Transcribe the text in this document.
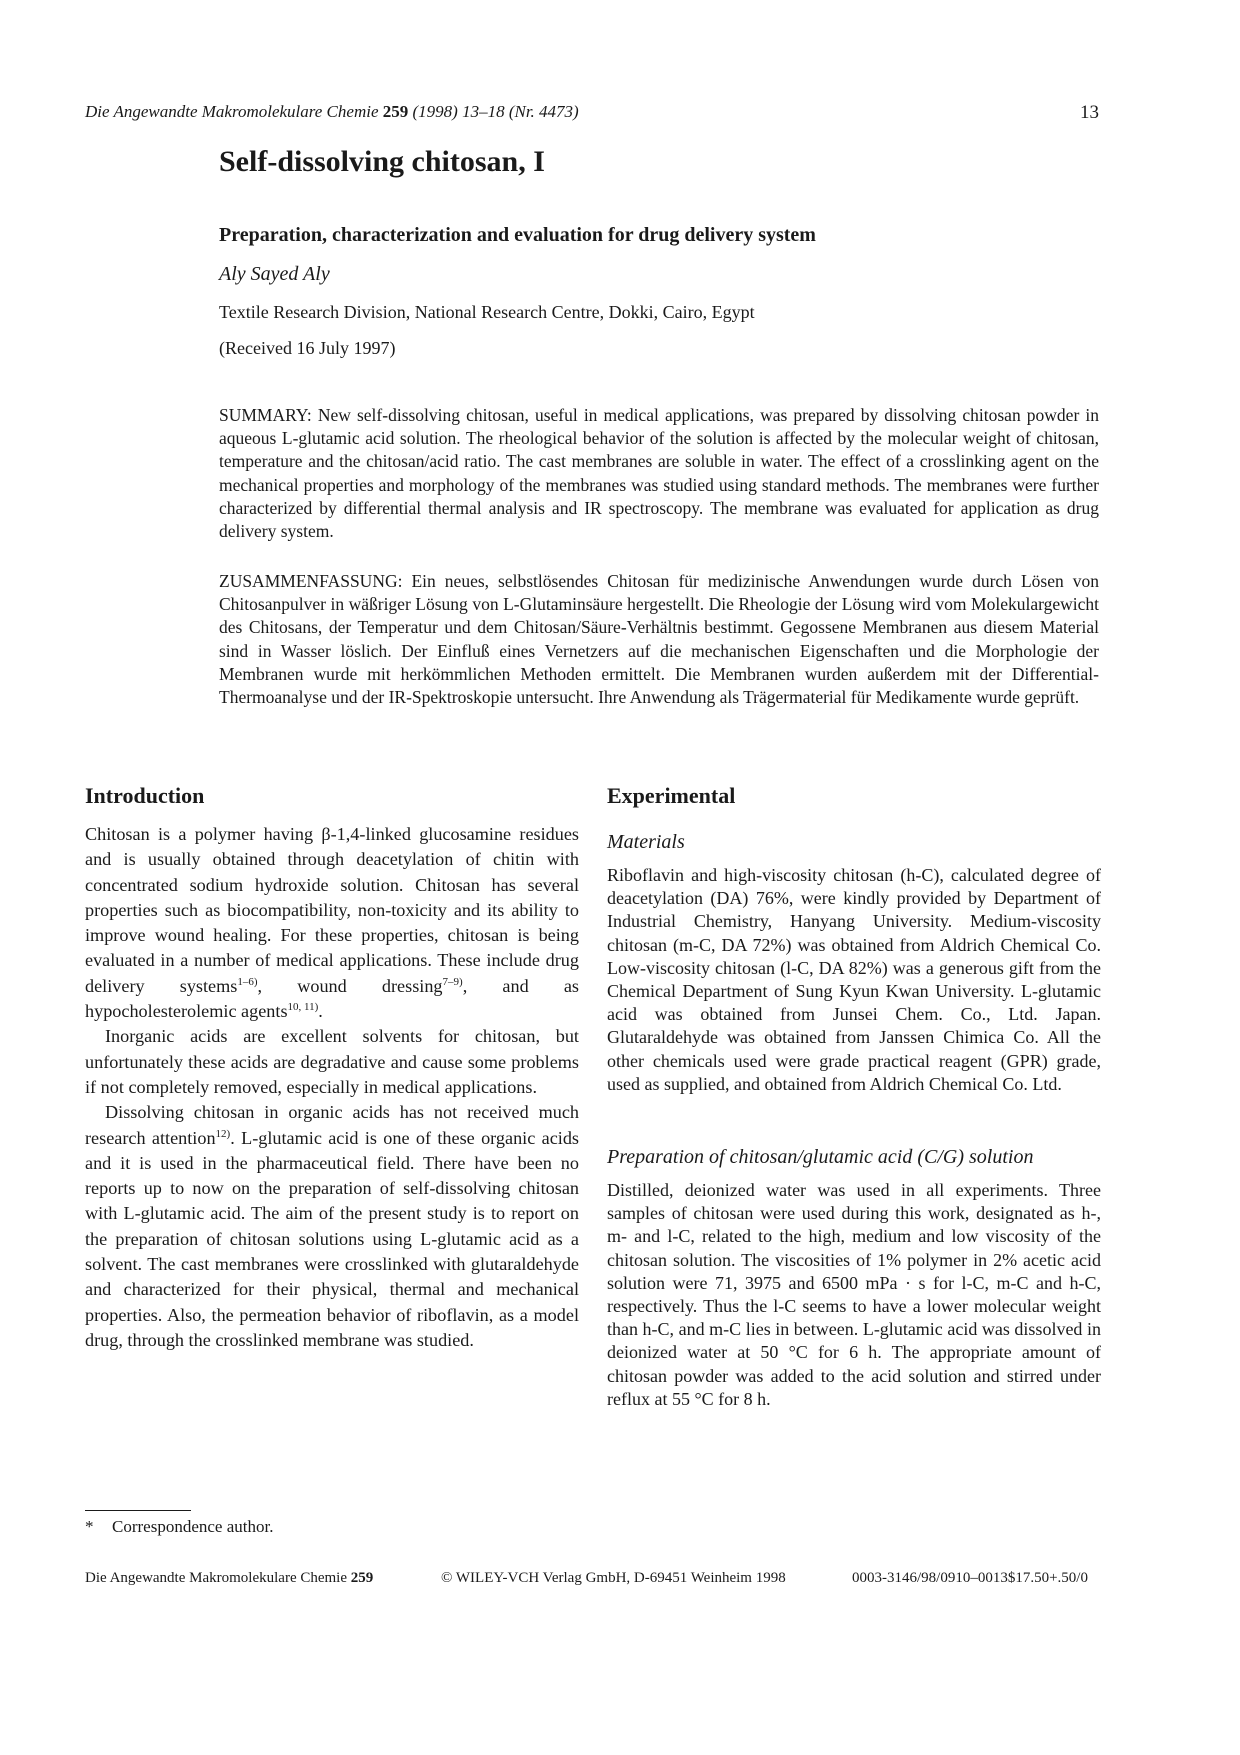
Die Angewandte Makromolekulare Chemie 259 (1998) 13–18 (Nr. 4473)	13
Self-dissolving chitosan, I
Preparation, characterization and evaluation for drug delivery system
Aly Sayed Aly
Textile Research Division, National Research Centre, Dokki, Cairo, Egypt
(Received 16 July 1997)

SUMMARY: New self-dissolving chitosan, useful in medical applications, was prepared by dissolving chitosan powder in aqueous L-glutamic acid solution. The rheological behavior of the solution is affected by the molecular weight of chitosan, temperature and the chitosan/acid ratio. The cast membranes are soluble in water. The effect of a crosslinking agent on the mechanical properties and morphology of the membranes was studied using standard methods. The membranes were further characterized by differential thermal analysis and IR spectroscopy. The membrane was evaluated for application as drug delivery system.

ZUSAMMENFASSUNG: Ein neues, selbstlösendes Chitosan für medizinische Anwendungen wurde durch Lösen von Chitosanpulver in wäßriger Lösung von L-Glutaminsäure hergestellt. Die Rheologie der Lösung wird vom Molekulargewicht des Chitosans, der Temperatur und dem Chitosan/Säure-Verhältnis bestimmt. Gegossene Membranen aus diesem Material sind in Wasser löslich. Der Einfluß eines Vernetzers auf die mechanischen Eigenschaften und die Morphologie der Membranen wurde mit herkömmlichen Methoden ermittelt. Die Membranen wurden außerdem mit der Differential-Thermoanalyse und der IR-Spektroskopie untersucht. Ihre Anwendung als Trägermaterial für Medikamente wurde geprüft.

Introduction

Chitosan is a polymer having β-1,4-linked glucosamine residues and is usually obtained through deacetylation of chitin with concentrated sodium hydroxide solution. Chitosan has several properties such as biocompatibility, non-toxicity and its ability to improve wound healing. For these properties, chitosan is being evaluated in a number of medical applications. These include drug delivery systems$^{1-6)}$, wound dressing$^{7-9)}$, and as hypocholesterolemic agents$^{10, 11)}$.

Inorganic acids are excellent solvents for chitosan, but unfortunately these acids are degradative and cause some problems if not completely removed, especially in medical applications.

Dissolving chitosan in organic acids has not received much research attention$^{12)}$. L-glutamic acid is one of these organic acids and it is used in the pharmaceutical field. There have been no reports up to now on the preparation of self-dissolving chitosan with L-glutamic acid. The aim of the present study is to report on the preparation of chitosan solutions using L-glutamic acid as a solvent. The cast membranes were crosslinked with glutaraldehyde and characterized for their physical, thermal and mechanical properties. Also, the permeation behavior of riboflavin, as a model drug, through the crosslinked membrane was studied.

Experimental
Materials

Riboflavin and high-viscosity chitosan (h-C), calculated degree of deacetylation (DA) 76%, were kindly provided by Department of Industrial Chemistry, Hanyang University. Medium-viscosity chitosan (m-C, DA 72%) was obtained from Aldrich Chemical Co. Low-viscosity chitosan (l-C, DA 82%) was a generous gift from the Chemical Department of Sung Kyun Kwan University. L-glutamic acid was obtained from Junsei Chem. Co., Ltd. Japan. Glutaraldehyde was obtained from Janssen Chimica Co. All the other chemicals used were grade practical reagent (GPR) grade, used as supplied, and obtained from Aldrich Chemical Co. Ltd.

Preparation of chitosan/glutamic acid (C/G) solution

Distilled, deionized water was used in all experiments. Three samples of chitosan were used during this work, designated as h-, m- and l-C, related to the high, medium and low viscosity of the chitosan solution. The viscosities of 1% polymer in 2% acetic acid solution were 71, 3975 and 6500 mPa · s for l-C, m-C and h-C, respectively. Thus the l-C seems to have a lower molecular weight than h-C, and m-C lies in between. L-glutamic acid was dissolved in deionized water at 50 °C for 6 h. The appropriate amount of chitosan powder was added to the acid solution and stirred under reflux at 55 °C for 8 h.

* Correspondence author.
Die Angewandte Makromolekulare Chemie 259	© WILEY-VCH Verlag GmbH, D-69451 Weinheim 1998	0003-3146/98/0910–0013$17.50+.50/0
